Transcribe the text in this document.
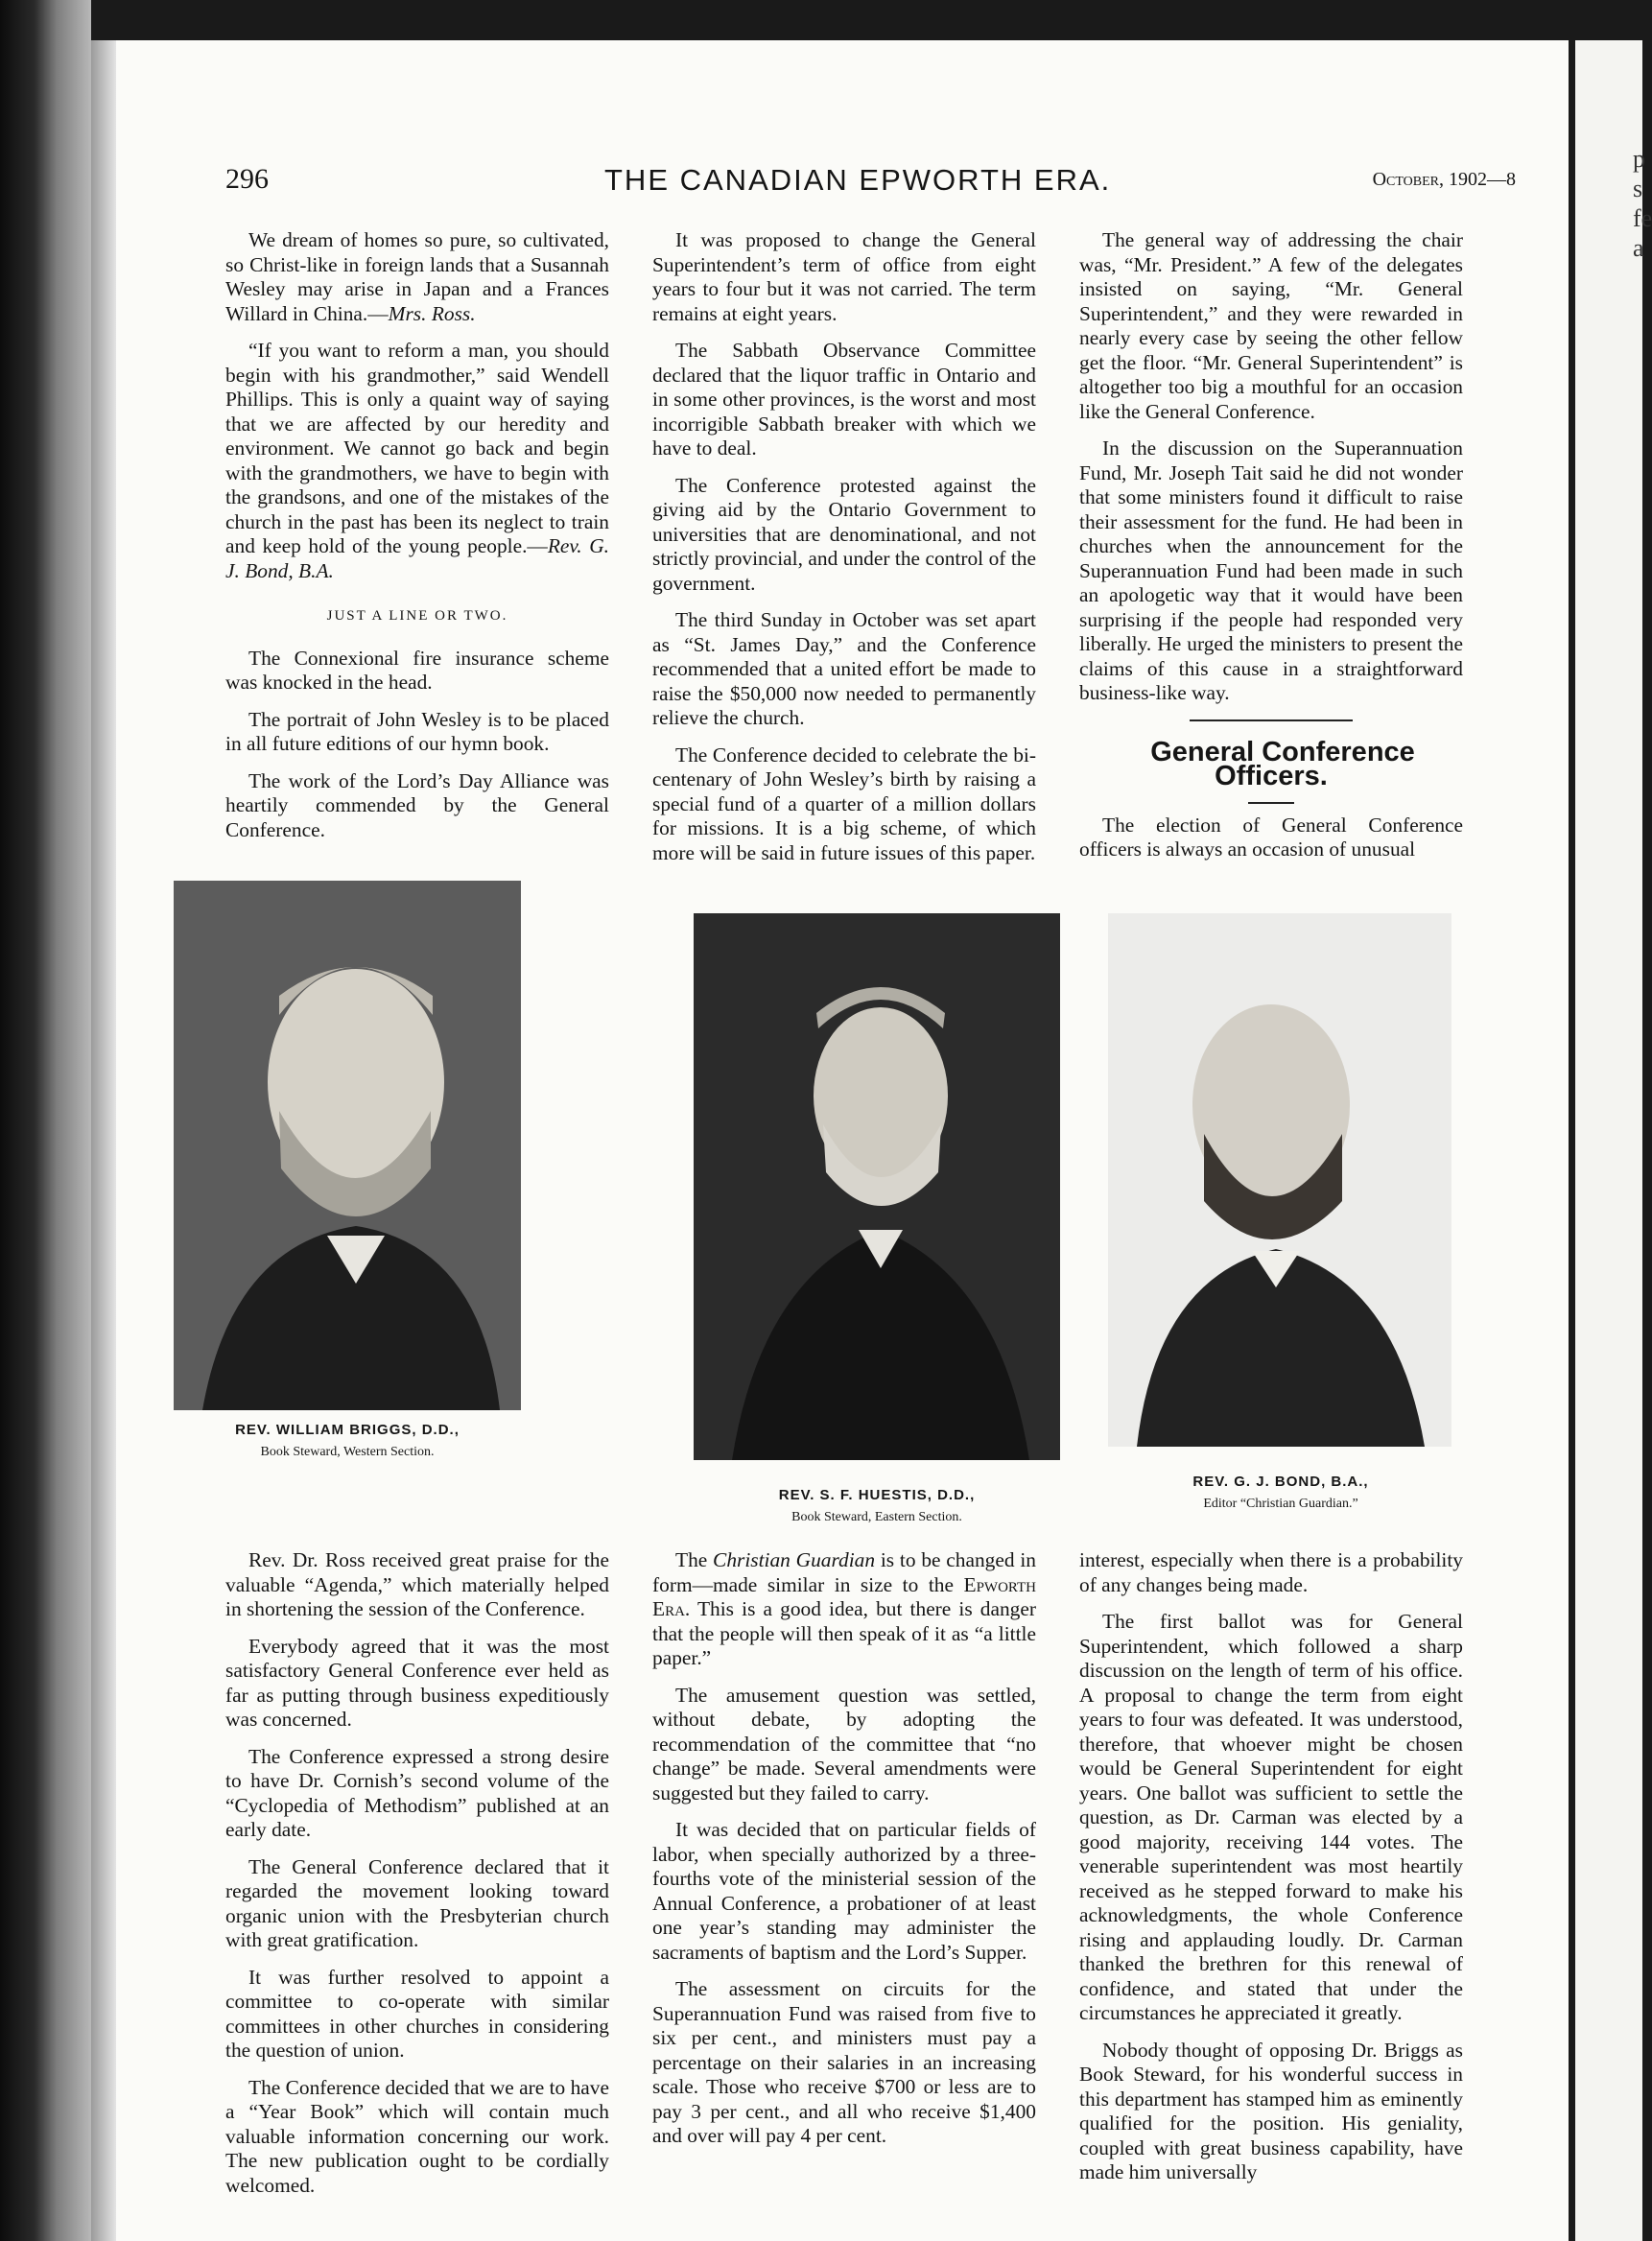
p
s
fe
a
296	THE CANADIAN EPWORTH ERA.	October, 1902—8

We dream of homes so pure, so cultivated, so Christ-like in foreign lands that a Susannah Wesley may arise in Japan and a Frances Willard in China.—Mrs. Ross.

“If you want to reform a man, you should begin with his grandmother,” said Wendell Phillips. This is only a quaint way of saying that we are affected by our heredity and environment. We cannot go back and begin with the grandmothers, we have to begin with the grandsons, and one of the mistakes of the church in the past has been its neglect to train and keep hold of the young people.—Rev. G. J. Bond, B.A.

JUST A LINE OR TWO.

The Connexional fire insurance scheme was knocked in the head.

The portrait of John Wesley is to be placed in all future editions of our hymn book.

The work of the Lord’s Day Alliance was heartily commended by the General Conference.

It was proposed to change the General Superintendent’s term of office from eight years to four but it was not carried. The term remains at eight years.

The Sabbath Observance Committee declared that the liquor traffic in Ontario and in some other provinces, is the worst and most incorrigible Sabbath breaker with which we have to deal.

The Conference protested against the giving aid by the Ontario Government to universities that are denominational, and not strictly provincial, and under the control of the government.

The third Sunday in October was set apart as “St. James Day,” and the Conference recommended that a united effort be made to raise the $50,000 now needed to permanently relieve the church.

The Conference decided to celebrate the bi-centenary of John Wesley’s birth by raising a special fund of a quarter of a million dollars for missions. It is a big scheme, of which more will be said in future issues of this paper.

The general way of addressing the chair was, “Mr. President.” A few of the delegates insisted on saying, “Mr. General Superintendent,” and they were rewarded in nearly every case by seeing the other fellow get the floor. “Mr. General Superintendent” is altogether too big a mouthful for an occasion like the General Conference.

In the discussion on the Superannuation Fund, Mr. Joseph Tait said he did not wonder that some ministers found it difficult to raise their assessment for the fund. He had been in churches when the announcement for the Superannuation Fund had been made in such an apologetic way that it would have been surprising if the people had responded very liberally. He urged the ministers to present the claims of this cause in a straightforward business-like way.

General Conference Officers.

The election of General Conference officers is always an occasion of unusual

REV. WILLIAM BRIGGS, D.D.,
Book Steward, Western Section.
REV. S. F. HUESTIS, D.D.,
Book Steward, Eastern Section.
REV. G. J. BOND, B.A.,
Editor “Christian Guardian.”

Rev. Dr. Ross received great praise for the valuable “Agenda,” which materially helped in shortening the session of the Conference.

Everybody agreed that it was the most satisfactory General Conference ever held as far as putting through business expeditiously was concerned.

The Conference expressed a strong desire to have Dr. Cornish’s second volume of the “Cyclopedia of Methodism” published at an early date.

The General Conference declared that it regarded the movement looking toward organic union with the Presbyterian church with great gratification.

It was further resolved to appoint a committee to co-operate with similar committees in other churches in considering the question of union.

The Conference decided that we are to have a “Year Book” which will contain much valuable information concerning our work. The new publication ought to be cordially welcomed.

The Christian Guardian is to be changed in form—made similar in size to the Epworth Era. This is a good idea, but there is danger that the people will then speak of it as “a little paper.”

The amusement question was settled, without debate, by adopting the recommendation of the committee that “no change” be made. Several amendments were suggested but they failed to carry.

It was decided that on particular fields of labor, when specially authorized by a three-fourths vote of the ministerial session of the Annual Conference, a probationer of at least one year’s standing may administer the sacraments of baptism and the Lord’s Supper.

The assessment on circuits for the Superannuation Fund was raised from five to six per cent., and ministers must pay a percentage on their salaries in an increasing scale. Those who receive $700 or less are to pay 3 per cent., and all who receive $1,400 and over will pay 4 per cent.

interest, especially when there is a probability of any changes being made.

The first ballot was for General Superintendent, which followed a sharp discussion on the length of term of his office. A proposal to change the term from eight years to four was defeated. It was understood, therefore, that whoever might be chosen would be General Superintendent for eight years. One ballot was sufficient to settle the question, as Dr. Carman was elected by a good majority, receiving 144 votes. The venerable superintendent was most heartily received as he stepped forward to make his acknowledgments, the whole Conference rising and applauding loudly. Dr. Carman thanked the brethren for this renewal of confidence, and stated that under the circumstances he appreciated it greatly.

Nobody thought of opposing Dr. Briggs as Book Steward, for his wonderful success in this department has stamped him as eminently qualified for the position. His geniality, coupled with great business capability, have made him universally
